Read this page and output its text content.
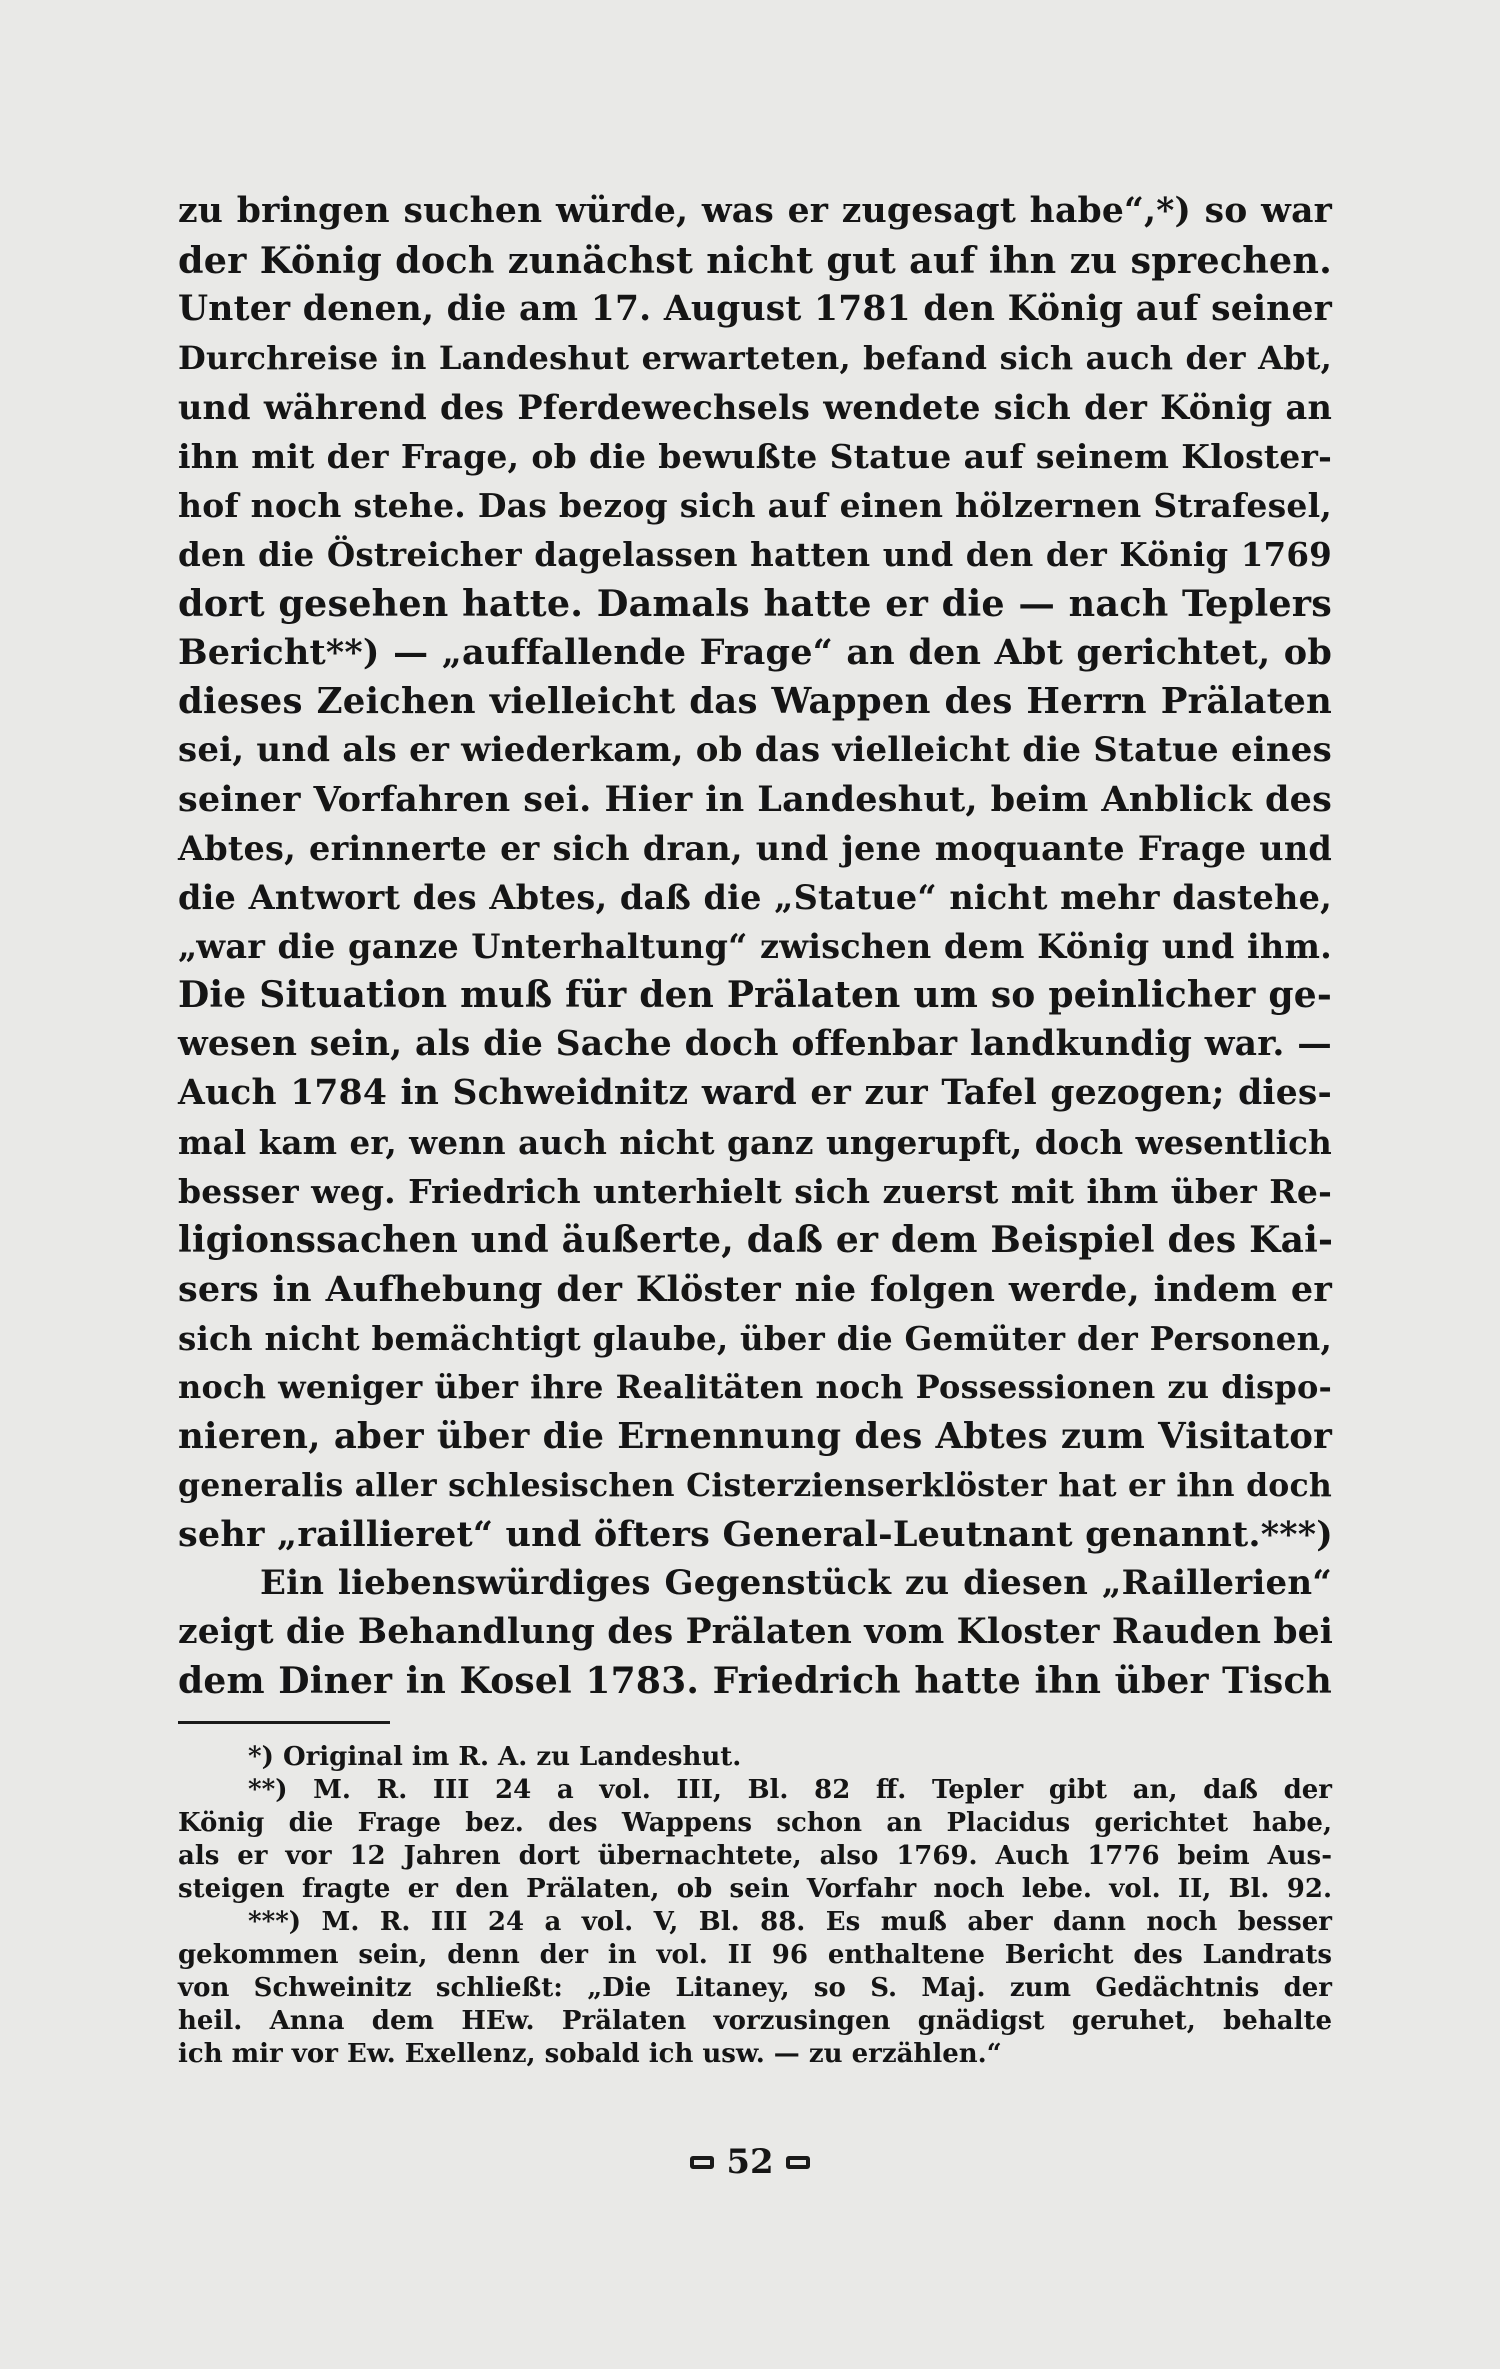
zu bringen suchen würde, was er zugesagt habe“,*) so war
der König doch zunächst nicht gut auf ihn zu sprechen.
Unter denen, die am 17. August 1781 den König auf seiner
Durchreise in Landeshut erwarteten, befand sich auch der Abt,
und während des Pferdewechsels wendete sich der König an
ihn mit der Frage, ob die bewußte Statue auf seinem Kloster-
hof noch stehe. Das bezog sich auf einen hölzernen Strafesel,
den die Östreicher dagelassen hatten und den der König 1769
dort gesehen hatte. Damals hatte er die — nach Teplers
Bericht**) — „auffallende Frage“ an den Abt gerichtet, ob
dieses Zeichen vielleicht das Wappen des Herrn Prälaten
sei, und als er wiederkam, ob das vielleicht die Statue eines
seiner Vorfahren sei. Hier in Landeshut, beim Anblick des
Abtes, erinnerte er sich dran, und jene moquante Frage und
die Antwort des Abtes, daß die „Statue“ nicht mehr dastehe,
„war die ganze Unterhaltung“ zwischen dem König und ihm.
Die Situation muß für den Prälaten um so peinlicher ge-
wesen sein, als die Sache doch offenbar landkundig war. —
Auch 1784 in Schweidnitz ward er zur Tafel gezogen; dies-
mal kam er, wenn auch nicht ganz ungerupft, doch wesentlich
besser weg. Friedrich unterhielt sich zuerst mit ihm über Re-
ligionssachen und äußerte, daß er dem Beispiel des Kai-
sers in Aufhebung der Klöster nie folgen werde, indem er
sich nicht bemächtigt glaube, über die Gemüter der Personen,
noch weniger über ihre Realitäten noch Possessionen zu dispo-
nieren, aber über die Ernennung des Abtes zum Visitator
generalis aller schlesischen Cisterzienserklöster hat er ihn doch
sehr „raillieret“ und öfters General-Leutnant genannt.***)
Ein liebenswürdiges Gegenstück zu diesen „Raillerien“
zeigt die Behandlung des Prälaten vom Kloster Rauden bei
dem Diner in Kosel 1783. Friedrich hatte ihn über Tisch
*) Original im R. A. zu Landeshut.
**) M. R. III 24 a vol. III, Bl. 82 ff. Tepler gibt an, daß der
König die Frage bez. des Wappens schon an Placidus gerichtet habe,
als er vor 12 Jahren dort übernachtete, also 1769. Auch 1776 beim Aus-
steigen fragte er den Prälaten, ob sein Vorfahr noch lebe. vol. II, Bl. 92.
***) M. R. III 24 a vol. V, Bl. 88. Es muß aber dann noch besser
gekommen sein, denn der in vol. II 96 enthaltene Bericht des Landrats
von Schweinitz schließt: „Die Litaney, so S. Maj. zum Gedächtnis der
heil. Anna dem HEw. Prälaten vorzusingen gnädigst geruhet, behalte
ich mir vor Ew. Exellenz, sobald ich usw. — zu erzählen.“
52
